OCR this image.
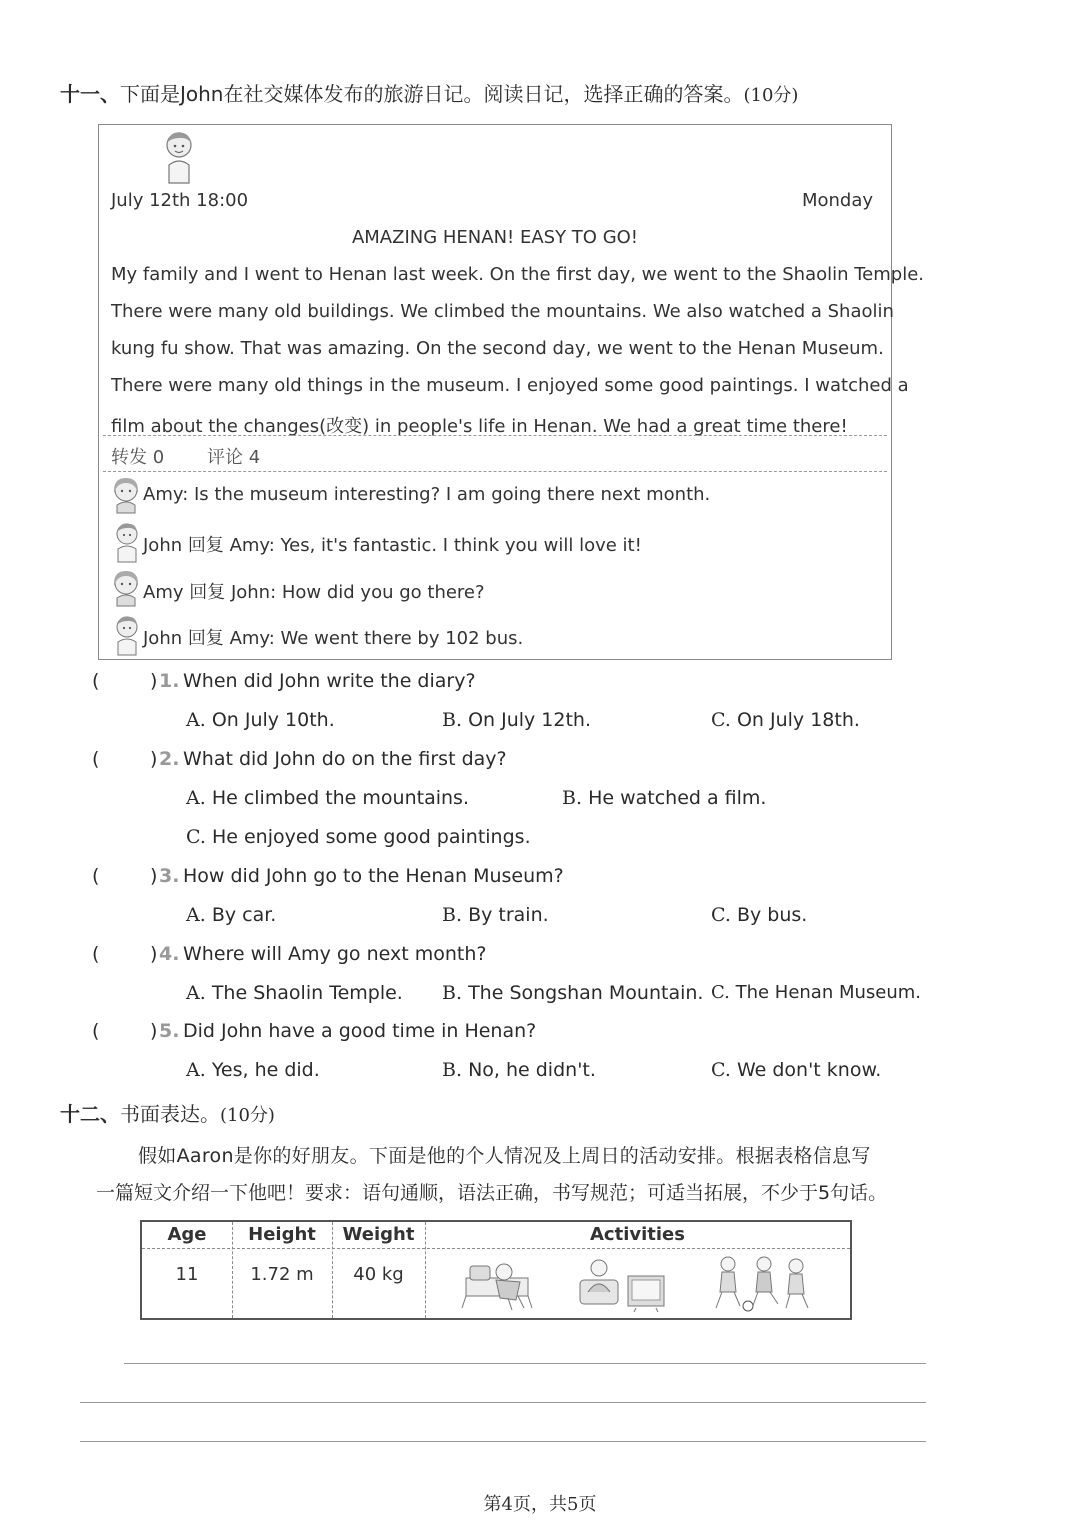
十一、下面是John在社交媒体发布的旅游日记。阅读日记，选择正确的答案。(10分)
July 12th 18:00	Monday
AMAZING HENAN! EASY TO GO!
My family and I went to Henan last week. On the first day, we went to the Shaolin Temple.
There were many old buildings. We climbed the mountains. We also watched a Shaolin
kung fu show. That was amazing. On the second day, we went to the Henan Museum.
There were many old things in the museum. I enjoyed some good paintings. I watched a
film about the changes(改变) in people's life in Henan. We had a great time there!
转发 0 评论 4
Amy: Is the museum interesting? I am going there next month.
John 回复 Amy: Yes, it's fantastic. I think you will love it!
Amy 回复 John: How did you go there?
John 回复 Amy: We went there by 102 bus.
(	) 1. When did John write the diary?
A. On July 10th.	B. On July 12th.	C. On July 18th.
(	) 2. What did John do on the first day?
A. He climbed the mountains.	B. He watched a film.
C. He enjoyed some good paintings.
(	) 3. How did John go to the Henan Museum?
A. By car.	B. By train.	C. By bus.
(	) 4. Where will Amy go next month?
A. The Shaolin Temple. B. The Songshan Mountain. C. The Henan Museum.
(	) 5. Did John have a good time in Henan?
A. Yes, he did.	B. No, he didn't.	C. We don't know.
十二、书面表达。(10分)
假如Aaron是你的好朋友。下面是他的个人情况及上周日的活动安排。根据表格信息写
一篇短文介绍一下他吧！要求：语句通顺，语法正确，书写规范；可适当拓展，不少于5句话。
Age	Height	Weight	Activities
11	1.72 m	40 kg
第4页，共5页
